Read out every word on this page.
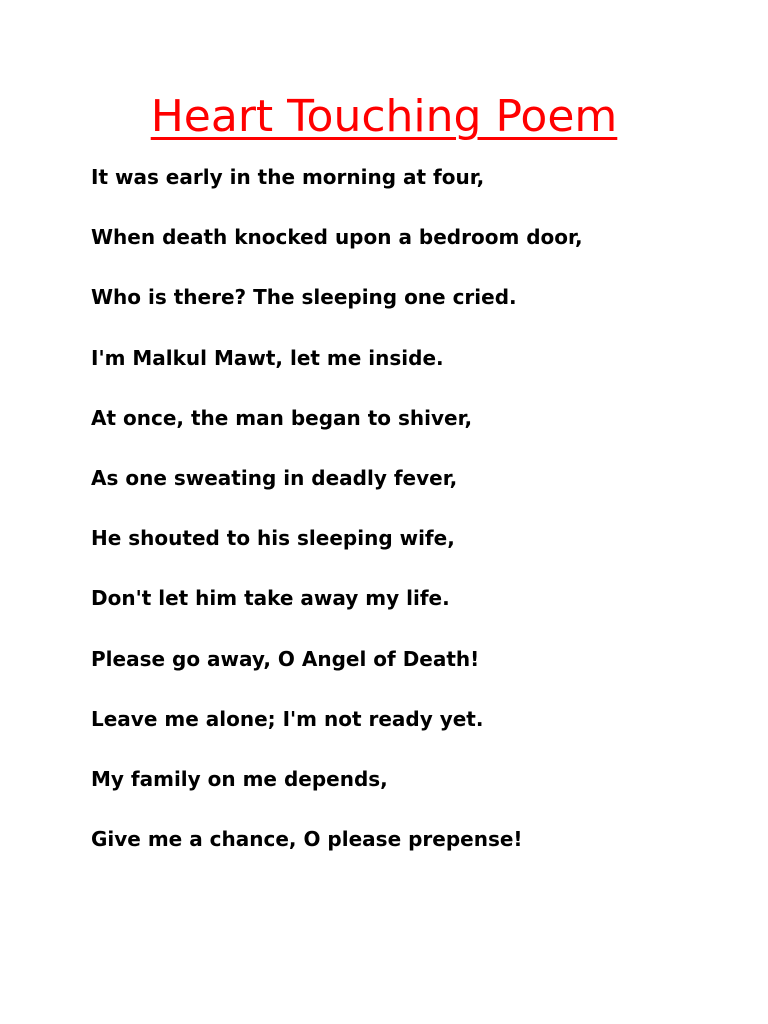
Heart Touching Poem
It was early in the morning at four,
When death knocked upon a bedroom door,
Who is there? The sleeping one cried.
I'm Malkul Mawt, let me inside.
At once, the man began to shiver,
As one sweating in deadly fever,
He shouted to his sleeping wife,
Don't let him take away my life.
Please go away, O Angel of Death!
Leave me alone; I'm not ready yet.
My family on me depends,
Give me a chance, O please prepense!
